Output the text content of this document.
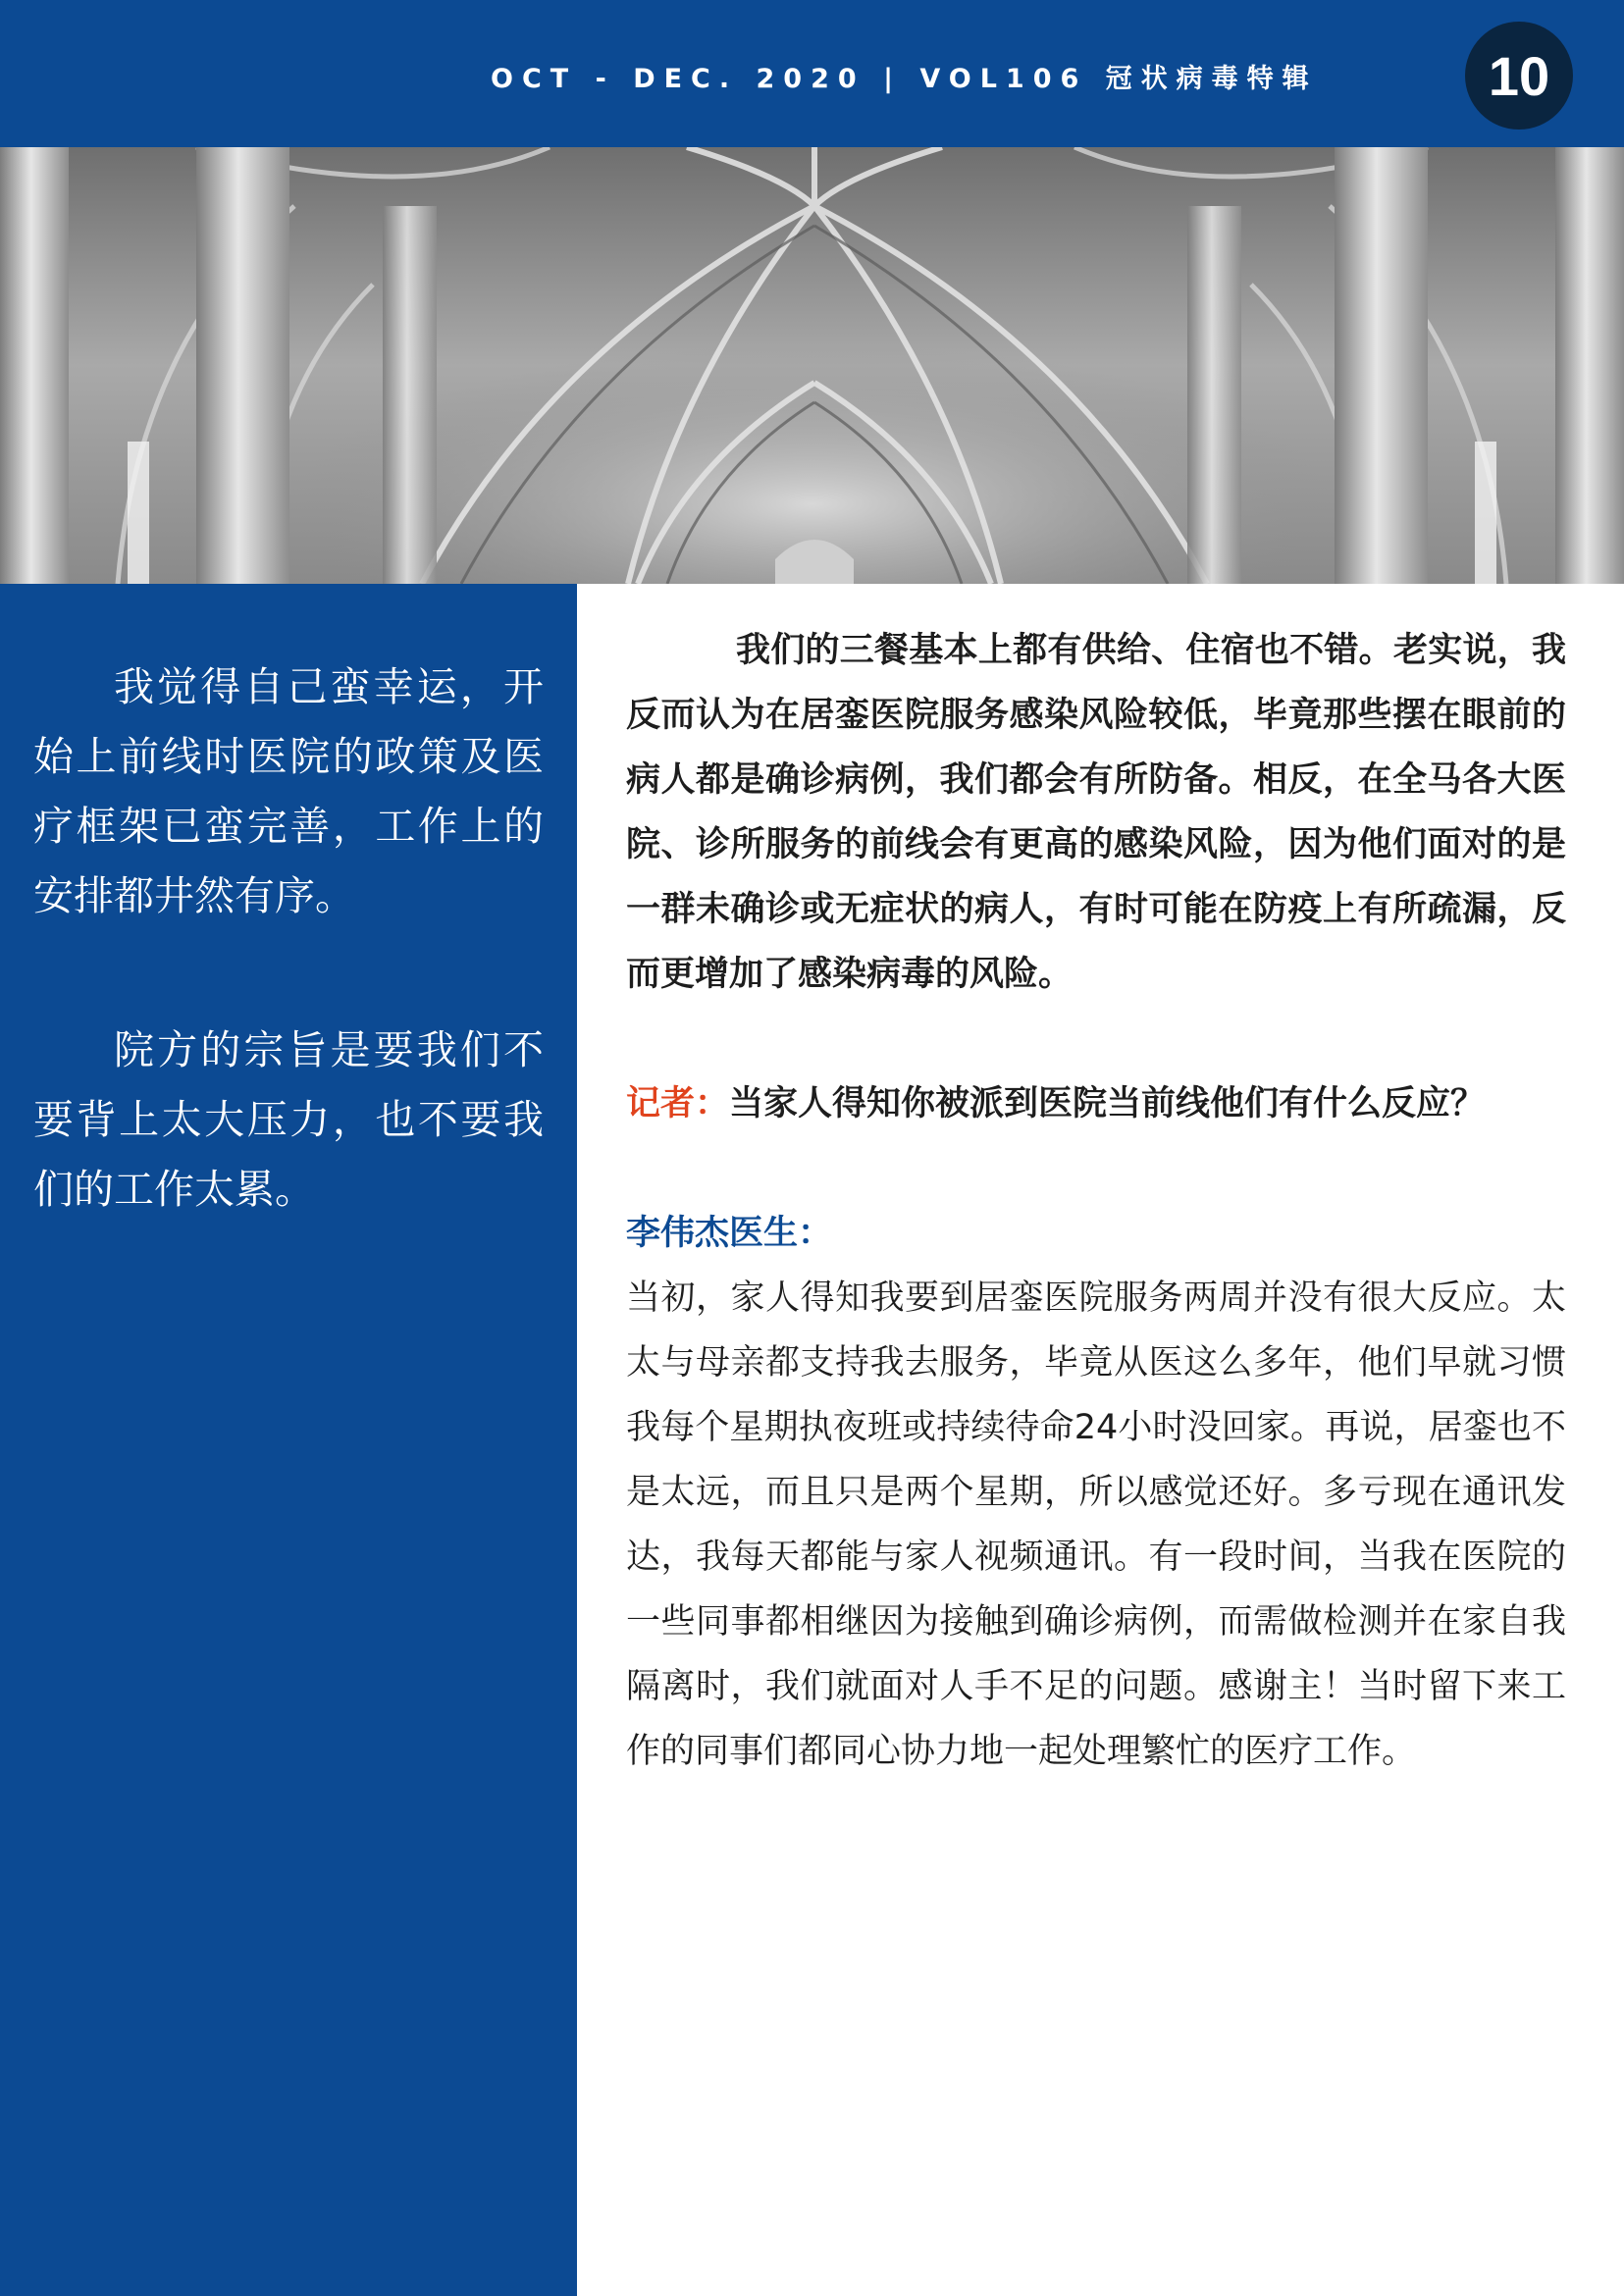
OCT - DEC. 2020 | VOL106 冠状病毒特辑	10

我觉得自己蛮幸运，开始上前线时医院的政策及医疗框架已蛮完善，工作上的安排都井然有序。

院方的宗旨是要我们不要背上太大压力，也不要我们的工作太累。

我们的三餐基本上都有供给、住宿也不错。老实说，我反而认为在居銮医院服务感染风险较低，毕竟那些摆在眼前的病人都是确诊病例，我们都会有所防备。相反，在全马各大医院、诊所服务的前线会有更高的感染风险，因为他们面对的是一群未确诊或无症状的病人，有时可能在防疫上有所疏漏，反而更增加了感染病毒的风险。

记者：当家人得知你被派到医院当前线他们有什么反应？

李伟杰医生：

当初，家人得知我要到居銮医院服务两周并没有很大反应。太太与母亲都支持我去服务，毕竟从医这么多年，他们早就习惯我每个星期执夜班或持续待命24小时没回家。再说，居銮也不是太远，而且只是两个星期，所以感觉还好。多亏现在通讯发达，我每天都能与家人视频通讯。有一段时间，当我在医院的一些同事都相继因为接触到确诊病例，而需做检测并在家自我隔离时，我们就面对人手不足的问题。感谢主！当时留下来工作的同事们都同心协力地一起处理繁忙的医疗工作。
